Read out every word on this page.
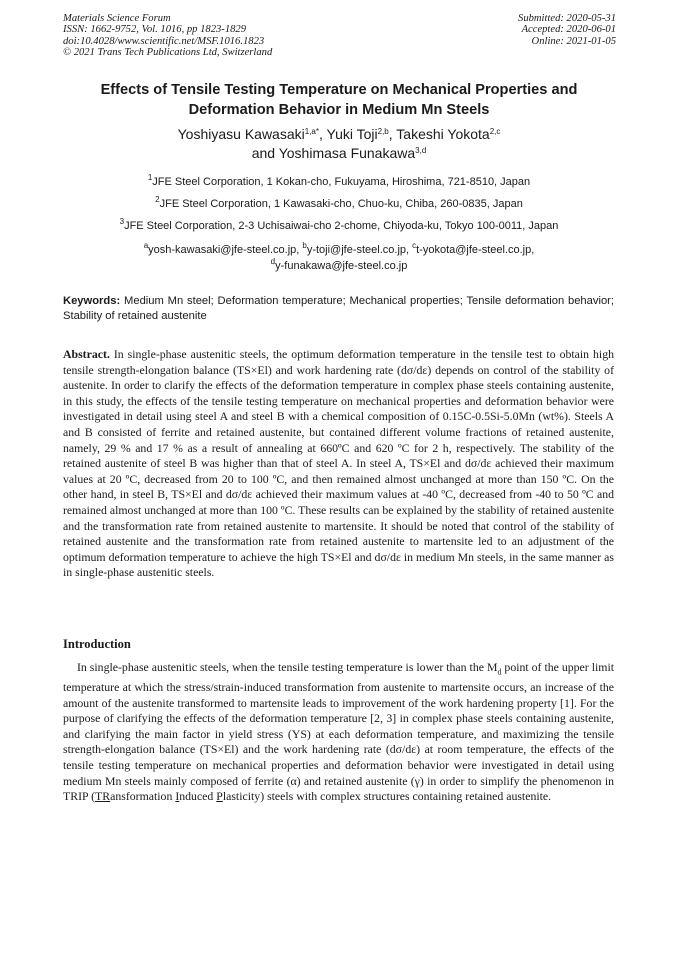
Materials Science Forum
ISSN: 1662-9752, Vol. 1016, pp 1823-1829
doi:10.4028/www.scientific.net/MSF.1016.1823
© 2021 Trans Tech Publications Ltd, Switzerland
Submitted: 2020-05-31
Accepted: 2020-06-01
Online: 2021-01-05
Effects of Tensile Testing Temperature on Mechanical Properties and
Deformation Behavior in Medium Mn Steels
Yoshiyasu Kawasaki$^{1,a*}$, Yuki Toji$^{2,b}$, Takeshi Yokota$^{2,c}$
and Yoshimasa Funakawa$^{3,d}$
$^1$JFE Steel Corporation, 1 Kokan-cho, Fukuyama, Hiroshima, 721-8510, Japan
$^2$JFE Steel Corporation, 1 Kawasaki-cho, Chuo-ku, Chiba, 260-0835, Japan
$^3$JFE Steel Corporation, 2-3 Uchisaiwai-cho 2-chome, Chiyoda-ku, Tokyo 100-0011, Japan
$^a$yosh-kawasaki@jfe-steel.co.jp, $^b$y-toji@jfe-steel.co.jp, $^c$t-yokota@jfe-steel.co.jp,
$^d$y-funakawa@jfe-steel.co.jp
Keywords: Medium Mn steel; Deformation temperature; Mechanical properties; Tensile deformation behavior; Stability of retained austenite
Abstract. In single-phase austenitic steels, the optimum deformation temperature in the tensile test to obtain high tensile strength-elongation balance (TS×El) and work hardening rate (dσ/dε) depends on control of the stability of austenite. In order to clarify the effects of the deformation temperature in complex phase steels containing austenite, in this study, the effects of the tensile testing temperature on mechanical properties and deformation behavior were investigated in detail using steel A and steel B with a chemical composition of 0.15C-0.5Si-5.0Mn (wt%). Steels A and B consisted of ferrite and retained austenite, but contained different volume fractions of retained austenite, namely, 29 % and 17 % as a result of annealing at 660ºC and 620 ºC for 2 h, respectively. The stability of the retained austenite of steel B was higher than that of steel A. In steel A, TS×El and dσ/dε achieved their maximum values at 20 ºC, decreased from 20 to 100 ºC, and then remained almost unchanged at more than 150 ºC. On the other hand, in steel B, TS×El and dσ/dε achieved their maximum values at -40 ºC, decreased from -40 to 50 ºC and remained almost unchanged at more than 100 ºC. These results can be explained by the stability of retained austenite and the transformation rate from retained austenite to martensite. It should be noted that control of the stability of retained austenite and the transformation rate from retained austenite to martensite led to an adjustment of the optimum deformation temperature to achieve the high TS×El and dσ/dε in medium Mn steels, in the same manner as in single-phase austenitic steels.
Introduction
In single-phase austenitic steels, when the tensile testing temperature is lower than the $M_d$ point of the upper limit temperature at which the stress/strain-induced transformation from austenite to martensite occurs, an increase of the amount of the austenite transformed to martensite leads to improvement of the work hardening property [1]. For the purpose of clarifying the effects of the deformation temperature [2, 3] in complex phase steels containing austenite, and clarifying the main factor in yield stress (YS) at each deformation temperature, and maximizing the tensile strength-elongation balance (TS×El) and the work hardening rate (dσ/dε) at room temperature, the effects of the tensile testing temperature on mechanical properties and deformation behavior were investigated in detail using medium Mn steels mainly composed of ferrite (α) and retained austenite (γ) in order to simplify the phenomenon in TRIP (TRansformation Induced Plasticity) steels with complex structures containing retained austenite.
